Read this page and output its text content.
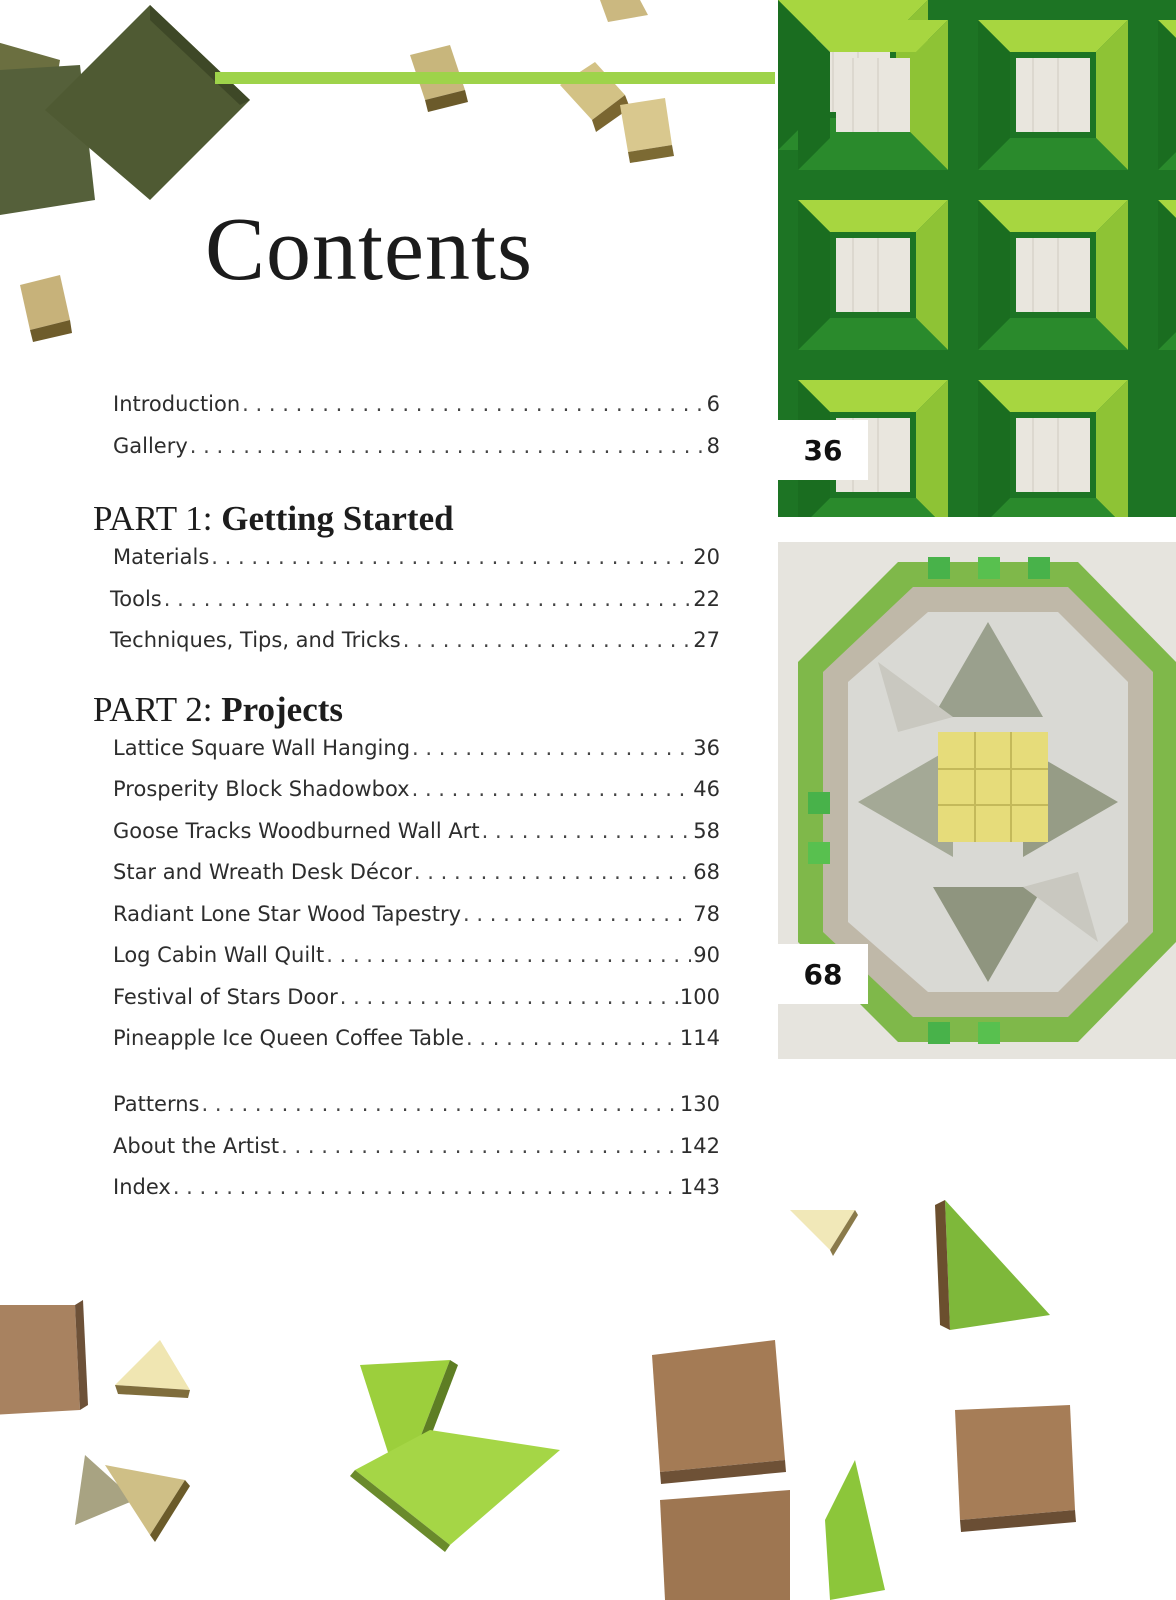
Contents
Introduction . . .	6
Gallery . . .	8
PART 1: Getting Started
Materials . . .	20
Tools . . .	22
Techniques, Tips, and Tricks . . .	27
PART 2: Projects
Lattice Square Wall Hanging . . .	36
Prosperity Block Shadowbox . . .	46
Goose Tracks Woodburned Wall Art . . .	58
Star and Wreath Desk Décor . . .	68
Radiant Lone Star Wood Tapestry . . .	78
Log Cabin Wall Quilt . . .	90
Festival of Stars Door . . .	100
Pineapple Ice Queen Coffee Table . . .	114
Patterns . . .	130
About the Artist . . .	142
Index . . .	143
36
68
